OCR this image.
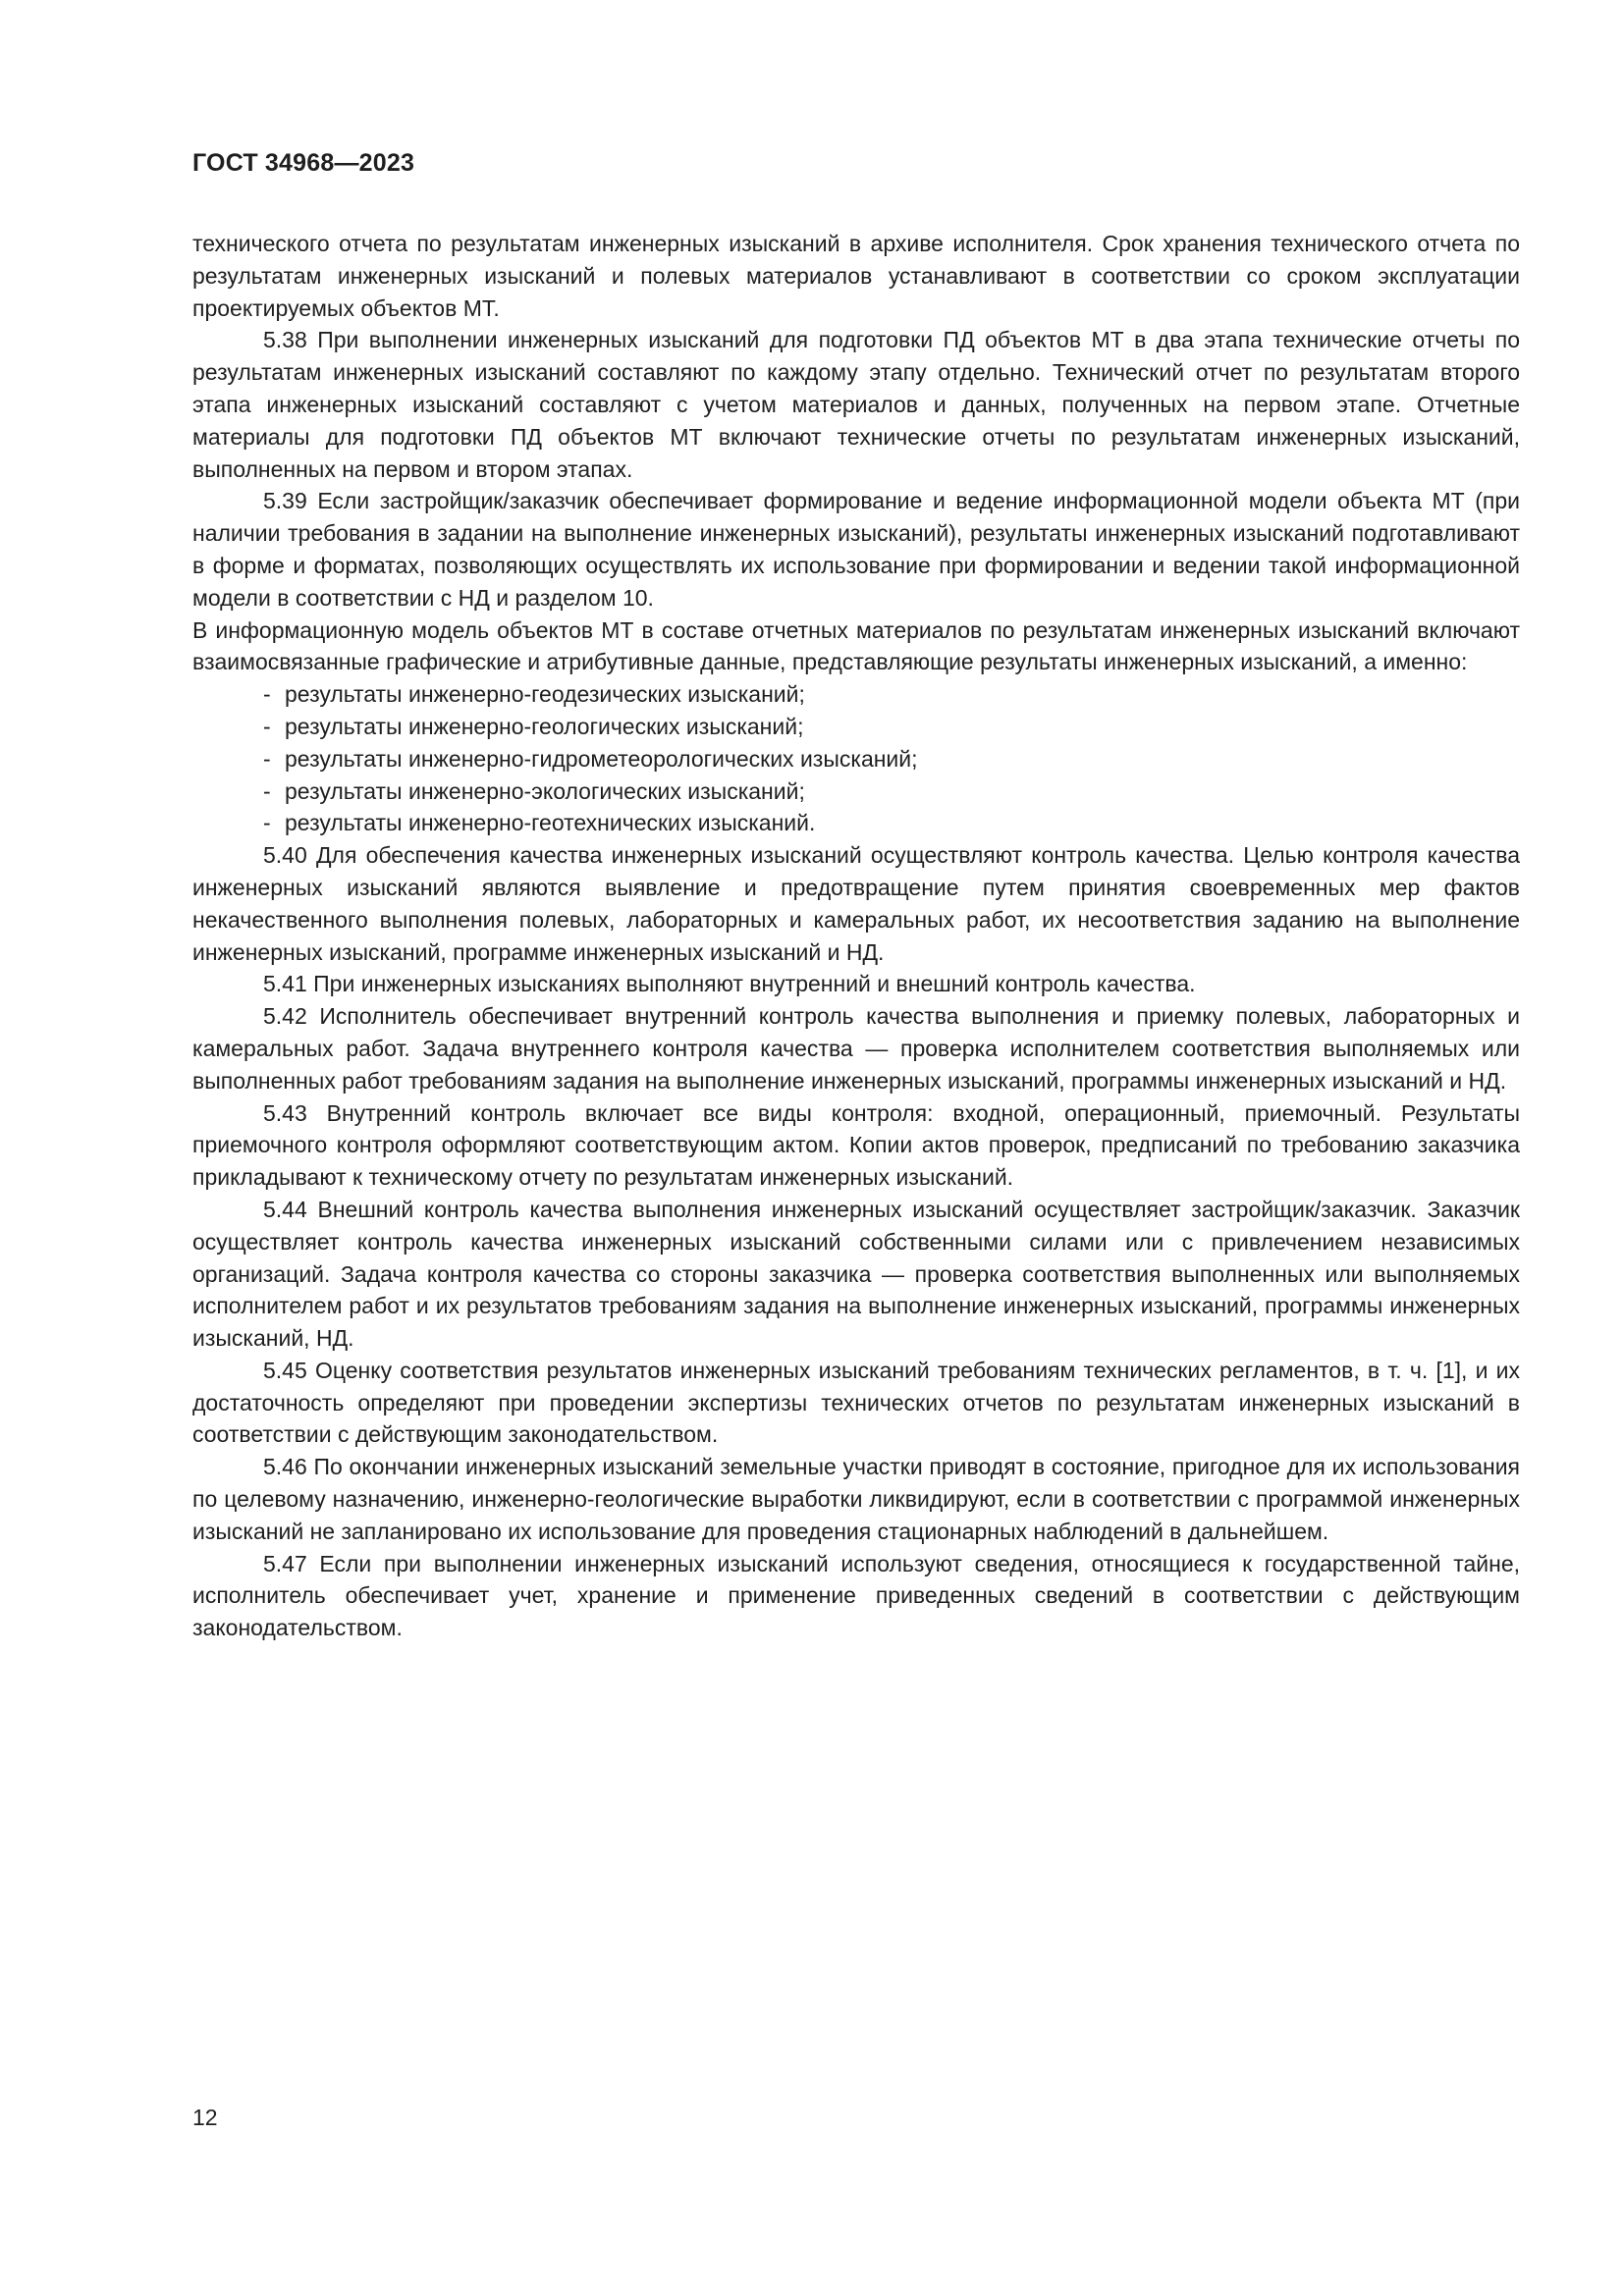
ГОСТ 34968—2023

технического отчета по результатам инженерных изысканий в архиве исполнителя. Срок хранения технического отчета по результатам инженерных изысканий и полевых материалов устанавливают в соответствии со сроком эксплуатации проектируемых объектов МТ.

5.38 При выполнении инженерных изысканий для подготовки ПД объектов МТ в два этапа технические отчеты по результатам инженерных изысканий составляют по каждому этапу отдельно. Технический отчет по результатам второго этапа инженерных изысканий составляют с учетом материалов и данных, полученных на первом этапе. Отчетные материалы для подготовки ПД объектов МТ включают технические отчеты по результатам инженерных изысканий, выполненных на первом и втором этапах.

5.39 Если застройщик/заказчик обеспечивает формирование и ведение информационной модели объекта МТ (при наличии требования в задании на выполнение инженерных изысканий), результаты инженерных изысканий подготавливают в форме и форматах, позволяющих осуществлять их использование при формировании и ведении такой информационной модели в соответствии с НД и разделом 10.

В информационную модель объектов МТ в составе отчетных материалов по результатам инженерных изысканий включают взаимосвязанные графические и атрибутивные данные, представляющие результаты инженерных изысканий, а именно:

- результаты инженерно-геодезических изысканий;
- результаты инженерно-геологических изысканий;
- результаты инженерно-гидрометеорологических изысканий;
- результаты инженерно-экологических изысканий;
- результаты инженерно-геотехнических изысканий.

5.40 Для обеспечения качества инженерных изысканий осуществляют контроль качества. Целью контроля качества инженерных изысканий являются выявление и предотвращение путем принятия своевременных мер фактов некачественного выполнения полевых, лабораторных и камеральных работ, их несоответствия заданию на выполнение инженерных изысканий, программе инженерных изысканий и НД.

5.41 При инженерных изысканиях выполняют внутренний и внешний контроль качества.

5.42 Исполнитель обеспечивает внутренний контроль качества выполнения и приемку полевых, лабораторных и камеральных работ. Задача внутреннего контроля качества — проверка исполнителем соответствия выполняемых или выполненных работ требованиям задания на выполнение инженерных изысканий, программы инженерных изысканий и НД.

5.43 Внутренний контроль включает все виды контроля: входной, операционный, приемочный. Результаты приемочного контроля оформляют соответствующим актом. Копии актов проверок, предписаний по требованию заказчика прикладывают к техническому отчету по результатам инженерных изысканий.

5.44 Внешний контроль качества выполнения инженерных изысканий осуществляет застройщик/заказчик. Заказчик осуществляет контроль качества инженерных изысканий собственными силами или с привлечением независимых организаций. Задача контроля качества со стороны заказчика — проверка соответствия выполненных или выполняемых исполнителем работ и их результатов требованиям задания на выполнение инженерных изысканий, программы инженерных изысканий, НД.

5.45 Оценку соответствия результатов инженерных изысканий требованиям технических регламентов, в т. ч. [1], и их достаточность определяют при проведении экспертизы технических отчетов по результатам инженерных изысканий в соответствии с действующим законодательством.

5.46 По окончании инженерных изысканий земельные участки приводят в состояние, пригодное для их использования по целевому назначению, инженерно-геологические выработки ликвидируют, если в соответствии с программой инженерных изысканий не запланировано их использование для проведения стационарных наблюдений в дальнейшем.

5.47 Если при выполнении инженерных изысканий используют сведения, относящиеся к государственной тайне, исполнитель обеспечивает учет, хранение и применение приведенных сведений в соответствии с действующим законодательством.

12
